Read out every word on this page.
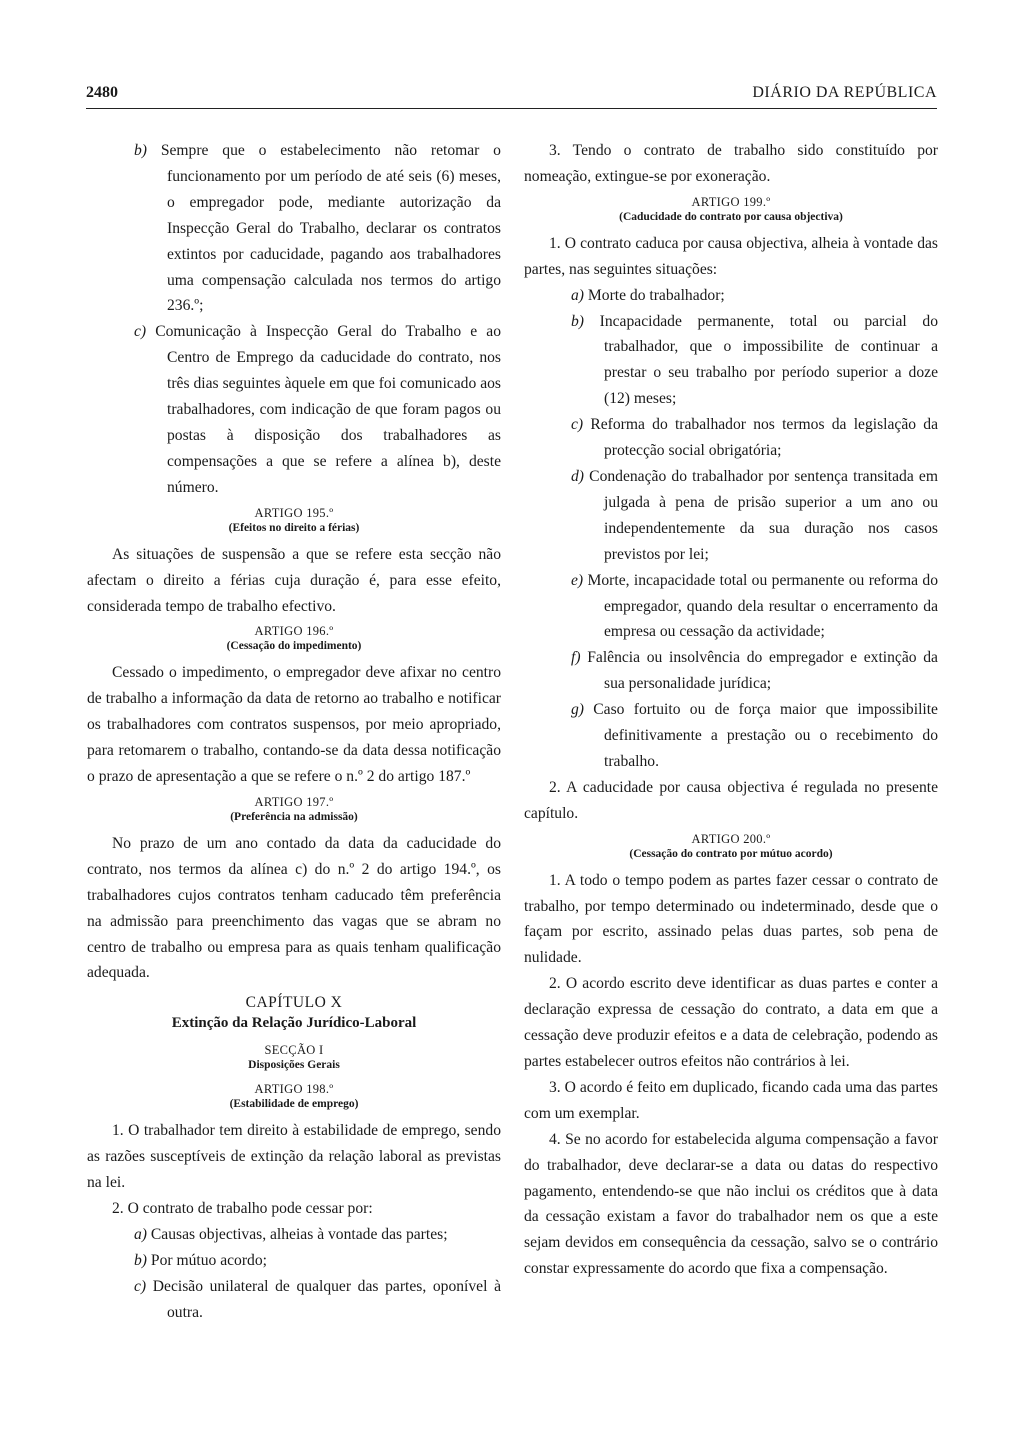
2480	DIÁRIO DA REPÚBLICA

b) Sempre que o estabelecimento não retomar o funcionamento por um período de até seis (6) meses, o empregador pode, mediante autorização da Inspecção Geral do Trabalho, declarar os contratos extintos por caducidade, pagando aos trabalhadores uma compensação calculada nos termos do artigo 236.º;

c) Comunicação à Inspecção Geral do Trabalho e ao Centro de Emprego da caducidade do contrato, nos três dias seguintes àquele em que foi comunicado aos trabalhadores, com indicação de que foram pagos ou postas à disposição dos trabalhadores as compensações a que se refere a alínea b), deste número.

ARTIGO 195.º
(Efeitos no direito a férias)

As situações de suspensão a que se refere esta secção não afectam o direito a férias cuja duração é, para esse efeito, considerada tempo de trabalho efectivo.

ARTIGO 196.º
(Cessação do impedimento)

Cessado o impedimento, o empregador deve afixar no centro de trabalho a informação da data de retorno ao trabalho e notificar os trabalhadores com contratos suspensos, por meio apropriado, para retomarem o trabalho, contando-se da data dessa notificação o prazo de apresentação a que se refere o n.º 2 do artigo 187.º

ARTIGO 197.º
(Preferência na admissão)

No prazo de um ano contado da data da caducidade do contrato, nos termos da alínea c) do n.º 2 do artigo 194.º, os trabalhadores cujos contratos tenham caducado têm preferência na admissão para preenchimento das vagas que se abram no centro de trabalho ou empresa para as quais tenham qualificação adequada.

CAPÍTULO X
Extinção da Relação Jurídico-Laboral
SECÇÃO I
Disposições Gerais
ARTIGO 198.º
(Estabilidade de emprego)

1. O trabalhador tem direito à estabilidade de emprego, sendo as razões susceptíveis de extinção da relação laboral as previstas na lei.

2. O contrato de trabalho pode cessar por:

a) Causas objectivas, alheias à vontade das partes;

b) Por mútuo acordo;

c) Decisão unilateral de qualquer das partes, oponível à outra.

3. Tendo o contrato de trabalho sido constituído por nomeação, extingue-se por exoneração.

ARTIGO 199.º
(Caducidade do contrato por causa objectiva)

1. O contrato caduca por causa objectiva, alheia à vontade das partes, nas seguintes situações:

a) Morte do trabalhador;

b) Incapacidade permanente, total ou parcial do trabalhador, que o impossibilite de continuar a prestar o seu trabalho por período superior a doze (12) meses;

c) Reforma do trabalhador nos termos da legislação da protecção social obrigatória;

d) Condenação do trabalhador por sentença transitada em julgada à pena de prisão superior a um ano ou independentemente da sua duração nos casos previstos por lei;

e) Morte, incapacidade total ou permanente ou reforma do empregador, quando dela resultar o encerramento da empresa ou cessação da actividade;

f) Falência ou insolvência do empregador e extinção da sua personalidade jurídica;

g) Caso fortuito ou de força maior que impossibilite definitivamente a prestação ou o recebimento do trabalho.

2. A caducidade por causa objectiva é regulada no presente capítulo.

ARTIGO 200.º
(Cessação do contrato por mútuo acordo)

1. A todo o tempo podem as partes fazer cessar o contrato de trabalho, por tempo determinado ou indeterminado, desde que o façam por escrito, assinado pelas duas partes, sob pena de nulidade.

2. O acordo escrito deve identificar as duas partes e conter a declaração expressa de cessação do contrato, a data em que a cessação deve produzir efeitos e a data de celebração, podendo as partes estabelecer outros efeitos não contrários à lei.

3. O acordo é feito em duplicado, ficando cada uma das partes com um exemplar.

4. Se no acordo for estabelecida alguma compensação a favor do trabalhador, deve declarar-se a data ou datas do respectivo pagamento, entendendo-se que não inclui os créditos que à data da cessação existam a favor do trabalhador nem os que a este sejam devidos em consequência da cessação, salvo se o contrário constar expressamente do acordo que fixa a compensação.
